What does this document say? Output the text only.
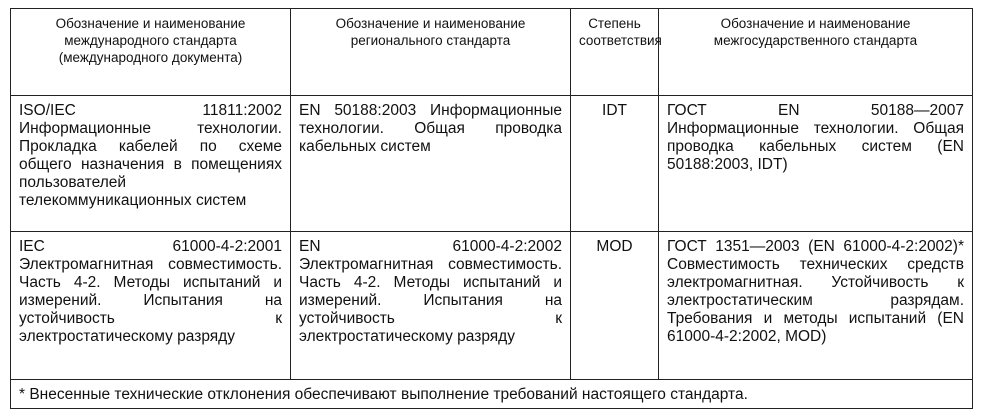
Обозначение и наименование международного стандарта (международного документа)	Обозначение и наименование регионального стандарта	Степень соответствия	Обозначение и наименование межгосударственного стандарта
ISO/IEC 11811:2002 Информационные технологии. Прокладка кабелей по схеме общего назначения в помещениях пользователей телекоммуникационных систем	EN 50188:2003 Информационные технологии. Общая проводка кабельных систем	IDT	ГОСТ EN 50188—2007 Информационные технологии. Общая проводка кабельных систем (EN 50188:2003, IDT)
IEC 61000-4-2:2001 Электромагнитная совместимость. Часть 4-2. Методы испытаний и измерений. Испытания на устойчивость к электростатическому разряду	EN 61000-4-2:2002 Электромагнитная совместимость. Часть 4-2. Методы испытаний и измерений. Испытания на устойчивость к электростатическому разряду	MOD	ГОСТ 1351—2003 (EN 61000-4-2:2002)* Совместимость технических средств электромагнитная. Устойчивость к электростатическим разрядам. Требования и методы испытаний (EN 61000-4-2:2002, MOD)
* Внесенные технические отклонения обеспечивают выполнение требований настоящего стандарта.			
